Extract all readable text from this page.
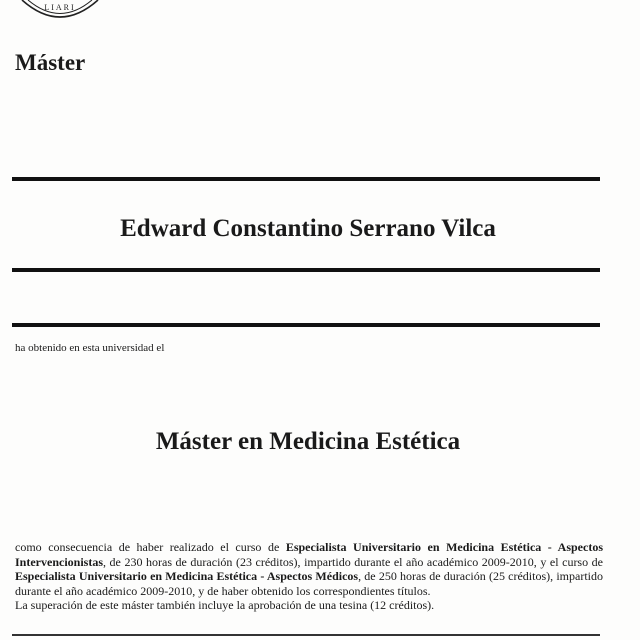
LIARI
Máster
Edward Constantino Serrano Vilca
ha obtenido en esta universidad el
Máster en Medicina Estética

como consecuencia de haber realizado el curso de Especialista Universitario en Medicina Estética - Aspectos Intervencionistas, de 230 horas de duración (23 créditos), impartido durante el año académico 2009-2010, y el curso de Especialista Universitario en Medicina Estética - Aspectos Médicos, de 250 horas de duración (25 créditos), impartido durante el año académico 2009-2010, y de haber obtenido los correspondientes títulos.

La superación de este máster también incluye la aprobación de una tesina (12 créditos).
